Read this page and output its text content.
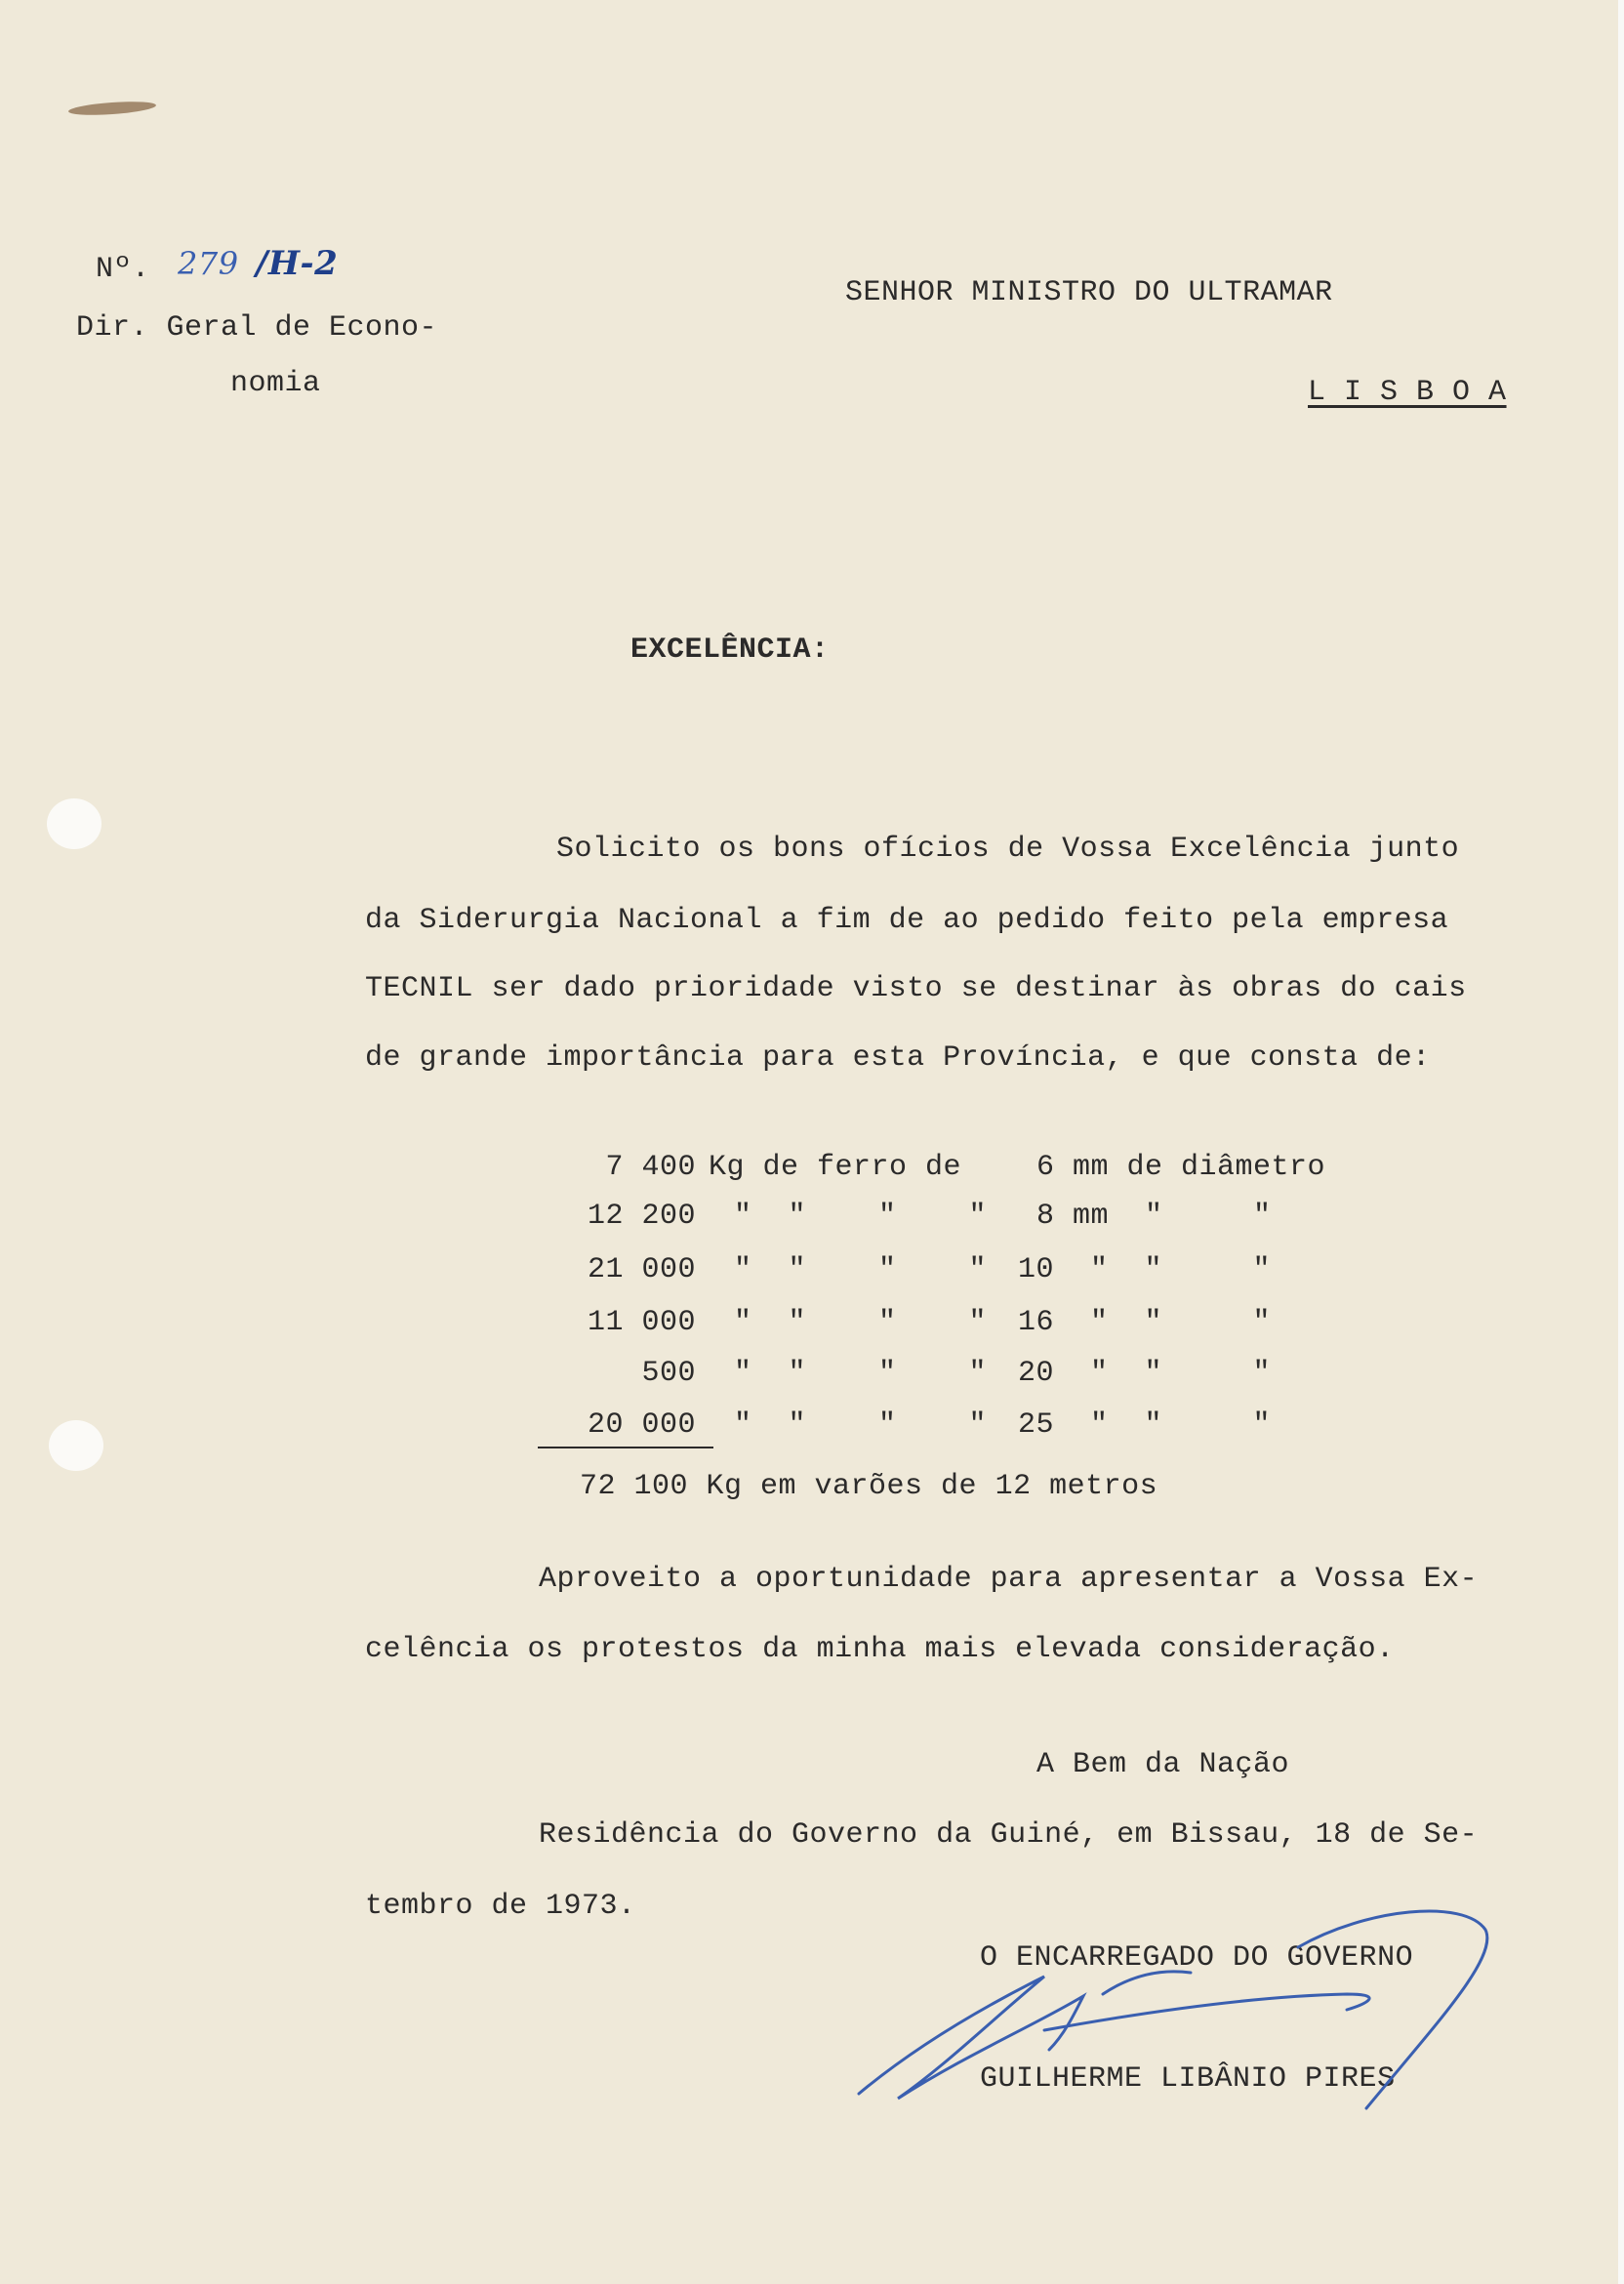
Nº. 279 /H-2
Dir. Geral de Econo-
nomia
SENHOR MINISTRO DO ULTRAMAR
L I S B O A
EXCELÊNCIA:
Solicito os bons ofícios de Vossa Excelência junto
da Siderurgia Nacional a fim de ao pedido feito pela empresa
TECNIL ser dado prioridade visto se destinar às obras do cais
de grande importância para esta Província, e que consta de:
7 400 Kg de ferro de	6 mm de diâmetro
12 200 "  "    "    " 8 mm  "     "
21 000 "  "    "    " 10  "  "     "
11 000 "  "    "    " 16  "  "     "
500 "  "    "    " 20  "  "     "
20 000 "  "    "    " 25  "  "     "
72 100 Kg em varões de 12 metros
Aproveito a oportunidade para apresentar a Vossa Ex-
celência os protestos da minha mais elevada consideração.
A Bem da Nação
Residência do Governo da Guiné, em Bissau, 18 de Se-
tembro de 1973.
O ENCARREGADO DO GOVERNO
GUILHERME LIBÂNIO PIRES
